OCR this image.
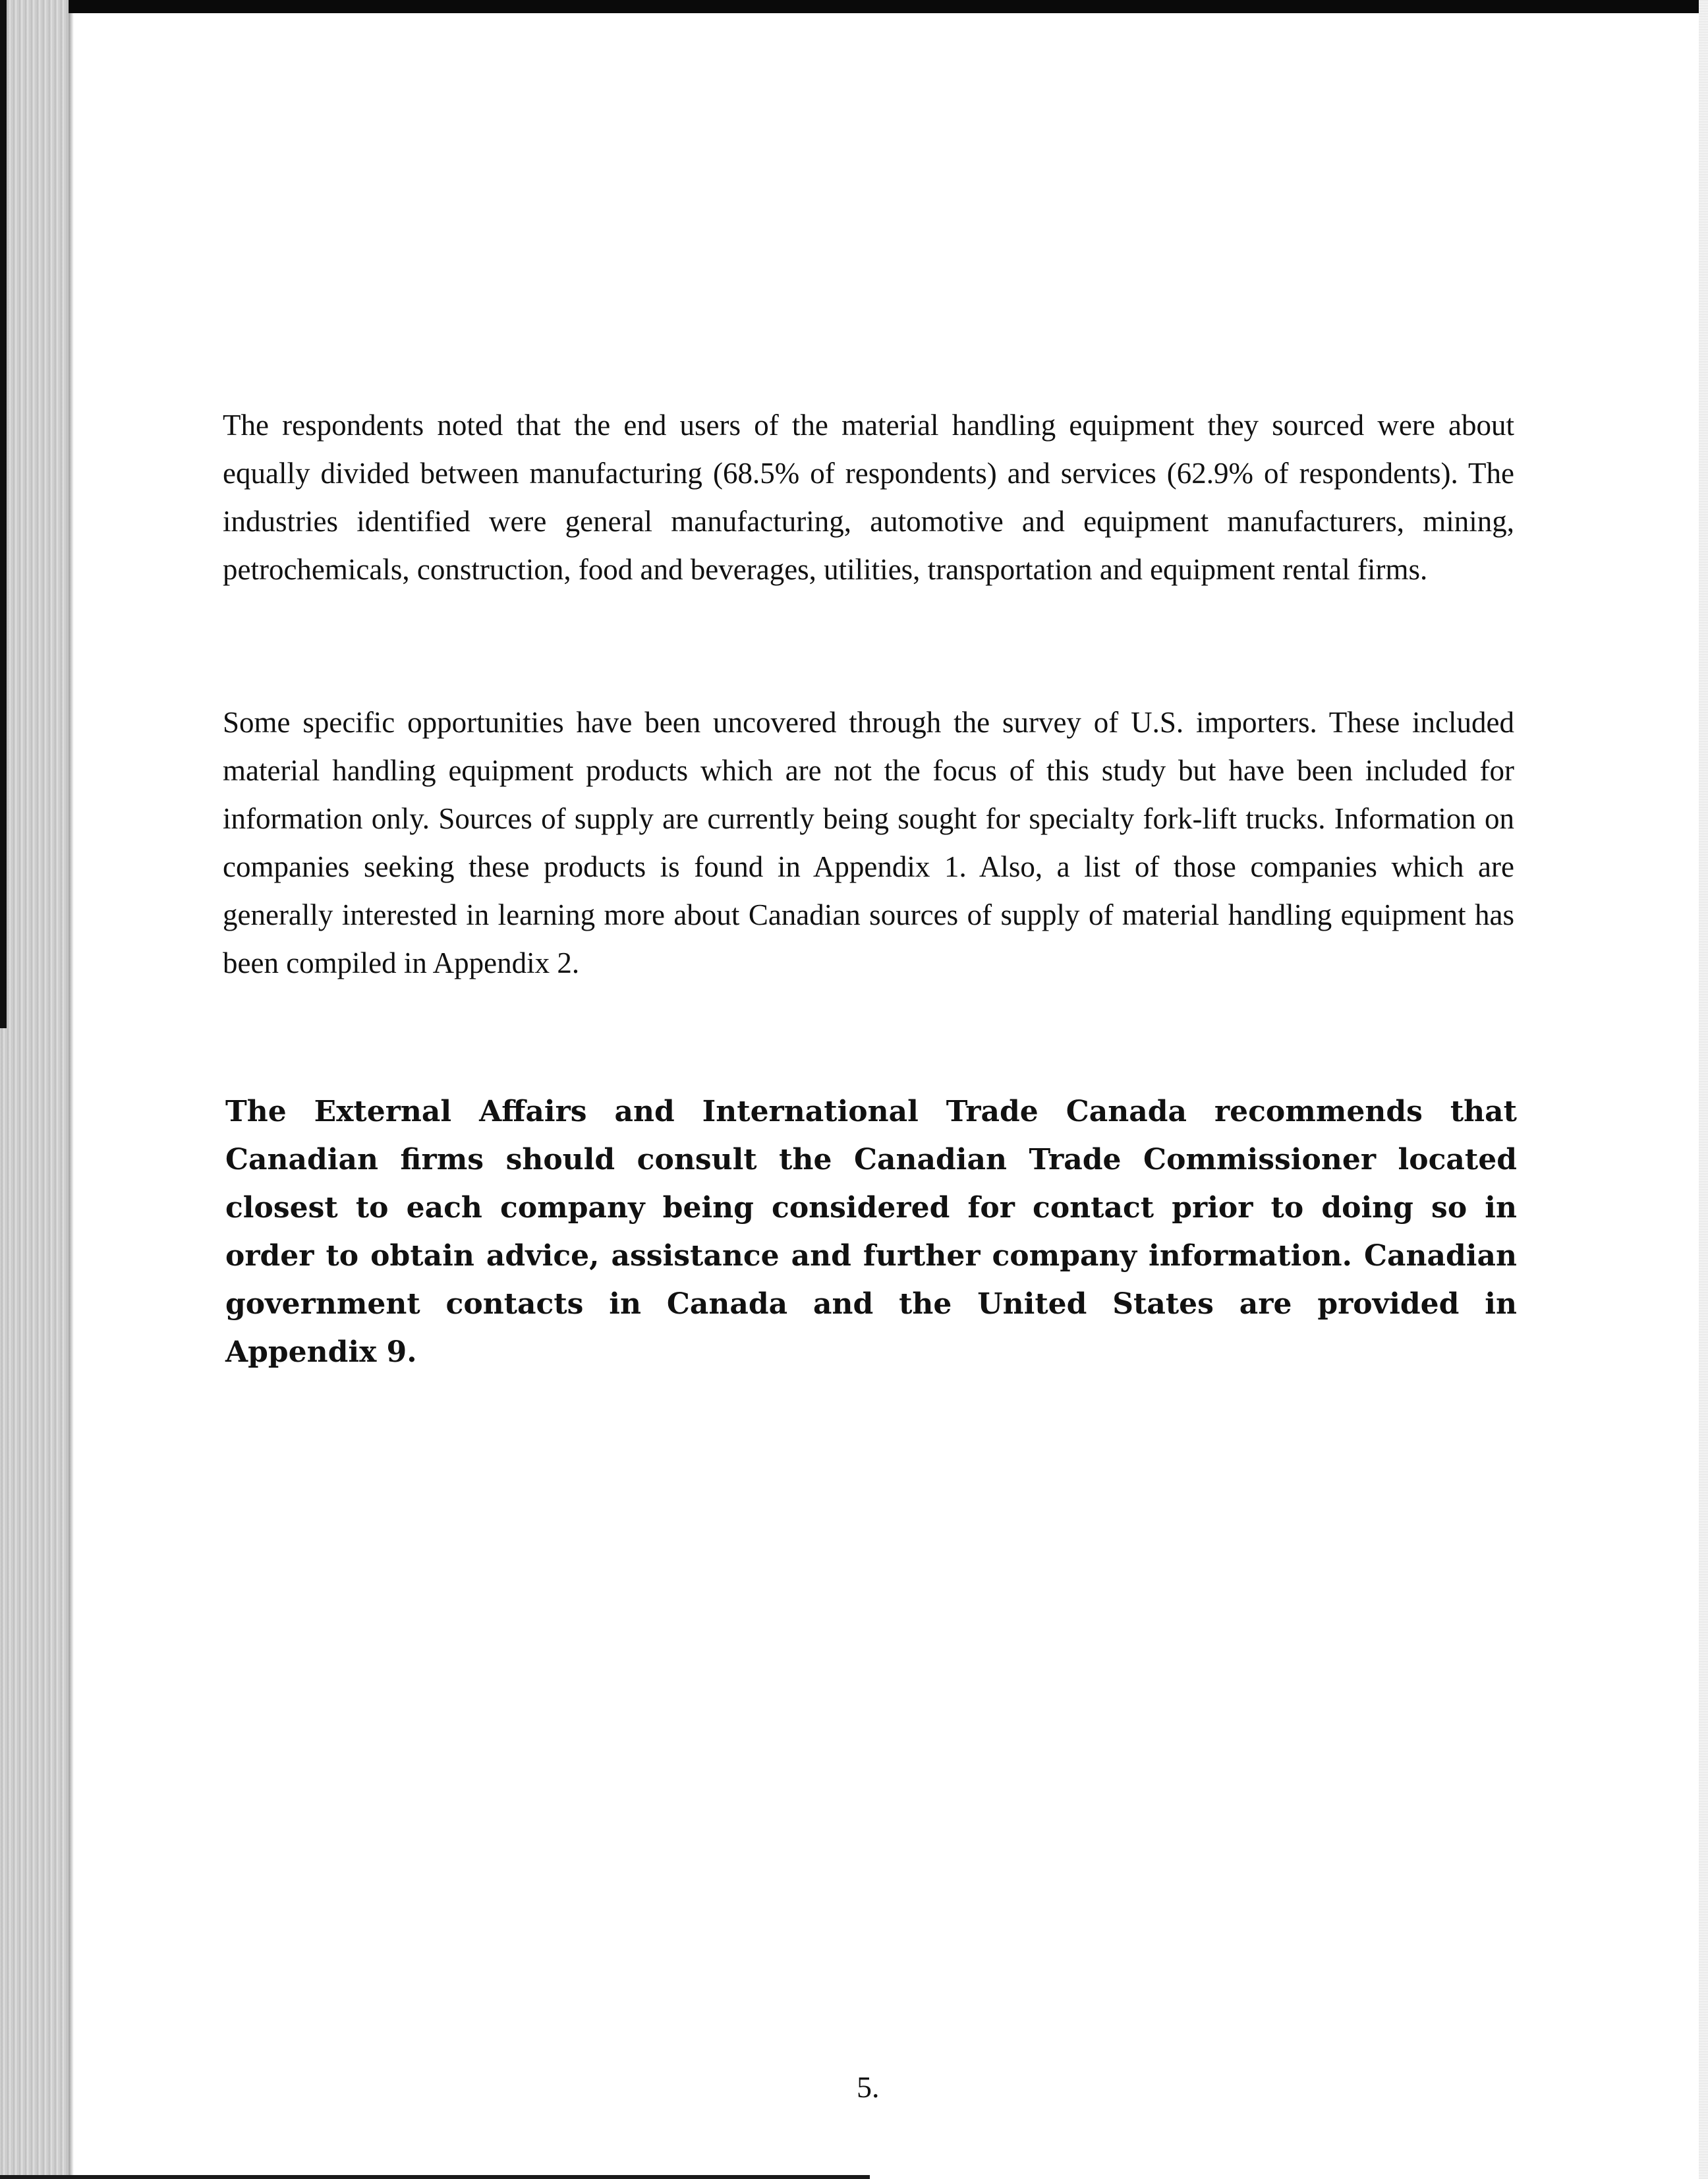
The respondents noted that the end users of the material handling equipment they sourced were about equally divided between manufacturing (68.5% of respondents) and services (62.9% of respondents). The industries identified were general manufacturing, automotive and equipment manufacturers, mining, petrochemicals, construction, food and beverages, utilities, transportation and equipment rental firms.

Some specific opportunities have been uncovered through the survey of U.S. importers. These included material handling equipment products which are not the focus of this study but have been included for information only. Sources of supply are currently being sought for specialty fork-lift trucks. Information on companies seeking these products is found in Appendix 1. Also, a list of those companies which are generally interested in learning more about Canadian sources of supply of material handling equipment has been compiled in Appendix 2.

The External Affairs and International Trade Canada recommends that Canadian firms should consult the Canadian Trade Commissioner located closest to each company being considered for contact prior to doing so in order to obtain advice, assistance and further company information. Canadian government contacts in Canada and the United States are provided in Appendix 9.

5.
